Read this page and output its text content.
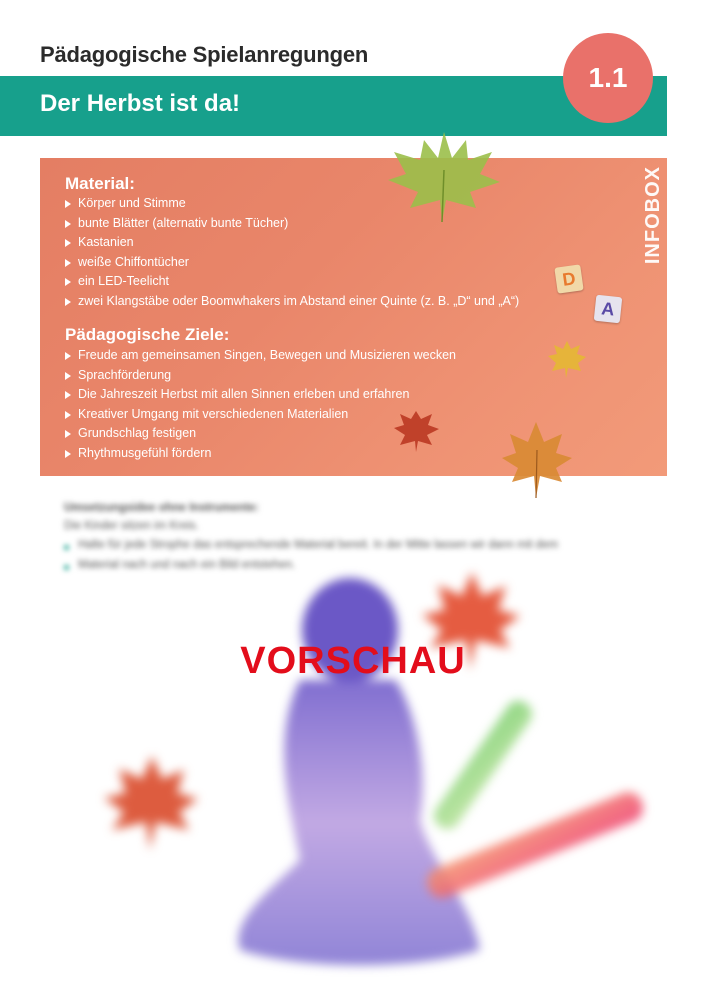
Pädagogische Spielanregungen
Der Herbst ist da!
1.1
INFOBOX
Material:
Körper und Stimme
bunte Blätter (alternativ bunte Tücher)
Kastanien
weiße Chiffontücher
ein LED-Teelicht
zwei Klangstäbe oder Boomwhakers im Abstand einer Quinte (z. B. „D“ und „A“)
Pädagogische Ziele:
Freude am gemeinsamen Singen, Bewegen und Musizieren wecken
Sprachförderung
Die Jahreszeit Herbst mit allen Sinnen erleben und erfahren
Kreativer Umgang mit verschiedenen Materialien
Grundschlag festigen
Rhythmusgefühl fördern
D
A
Umsetzungsidee ohne Instrumente:
Die Kinder sitzen im Kreis.
Halte für jede Strophe das entsprechende Material bereit. In der Mitte lassen wir dann mit dem
Material nach und nach ein Bild entstehen.
VORSCHAU
